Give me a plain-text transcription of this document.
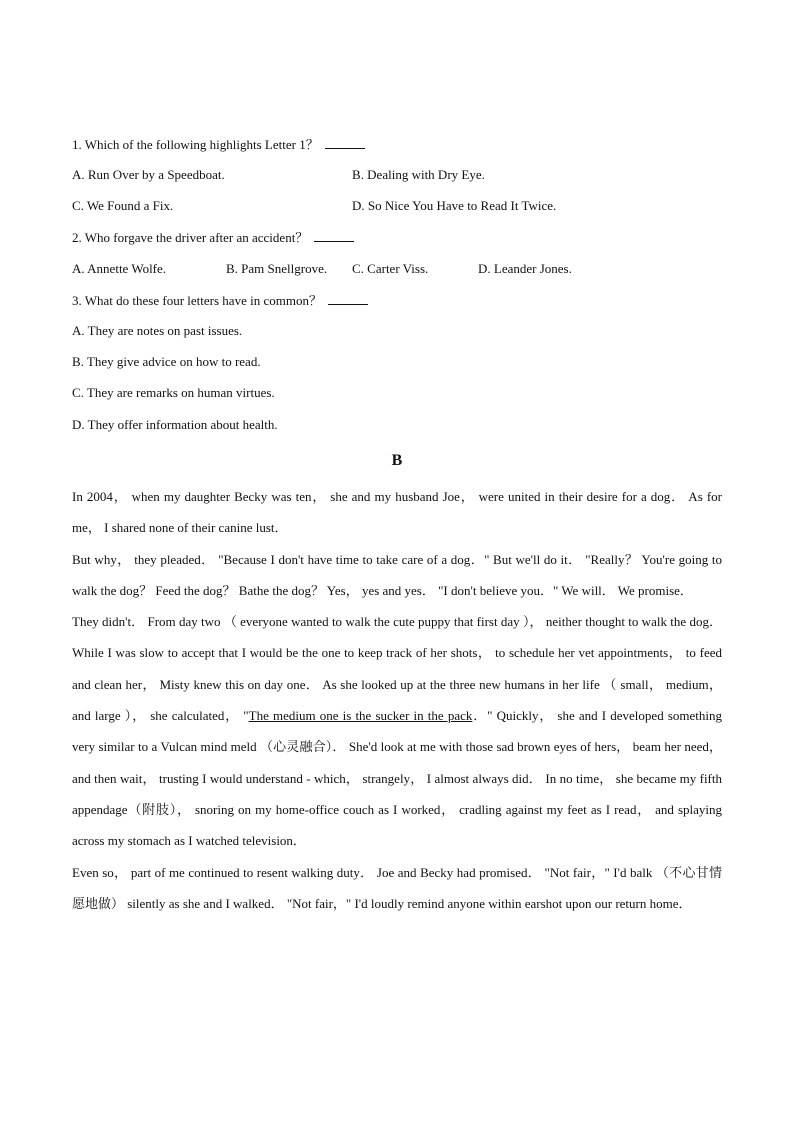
1. Which of the following highlights Letter 1？
A. Run Over by a Speedboat.	B. Dealing with Dry Eye.
C. We Found a Fix.	D. So Nice You Have to Read It Twice.
2. Who forgave the driver after an accident？
A. Annette Wolfe.	B. Pam Snellgrove. C. Carter Viss.	D. Leander Jones.
3. What do these four letters have in common？
A. They are notes on past issues.
B. They give advice on how to read.
C. They are remarks on human virtues.
D. They offer information about health.
B

In 2004， when my daughter Becky was ten， she and my husband Joe， were united in their desire for a dog． As for me， I shared none of their canine lust．

But why， they pleaded． "Because I don't have time to take care of a dog．" But we'll do it． "Really？ You're going to walk the dog？ Feed the dog？ Bathe the dog？ Yes， yes and yes． "I don't believe you．" We will． We promise．

They didn't． From day two （ everyone wanted to walk the cute puppy that first day ）， neither thought to walk the dog． While I was slow to accept that I would be the one to keep track of her shots， to schedule her vet appointments， to feed and clean her， Misty knew this on day one． As she looked up at the three new humans in her life （ small， medium， and large ）， she calculated， "The medium one is the sucker in the pack．" Quickly， she and I developed something very similar to a Vulcan mind meld （心灵融合）． She'd look at me with those sad brown eyes of hers， beam her need， and then wait， trusting I would understand - which， strangely， I almost always did． In no time， she became my fifth appendage（附肢）， snoring on my home-office couch as I worked， cradling against my feet as I read， and splaying across my stomach as I watched television．

Even so， part of me continued to resent walking duty． Joe and Becky had promised． "Not fair，" I'd balk （不心甘情愿地做） silently as she and I walked． "Not fair，" I'd loudly remind anyone within earshot upon our return home．
